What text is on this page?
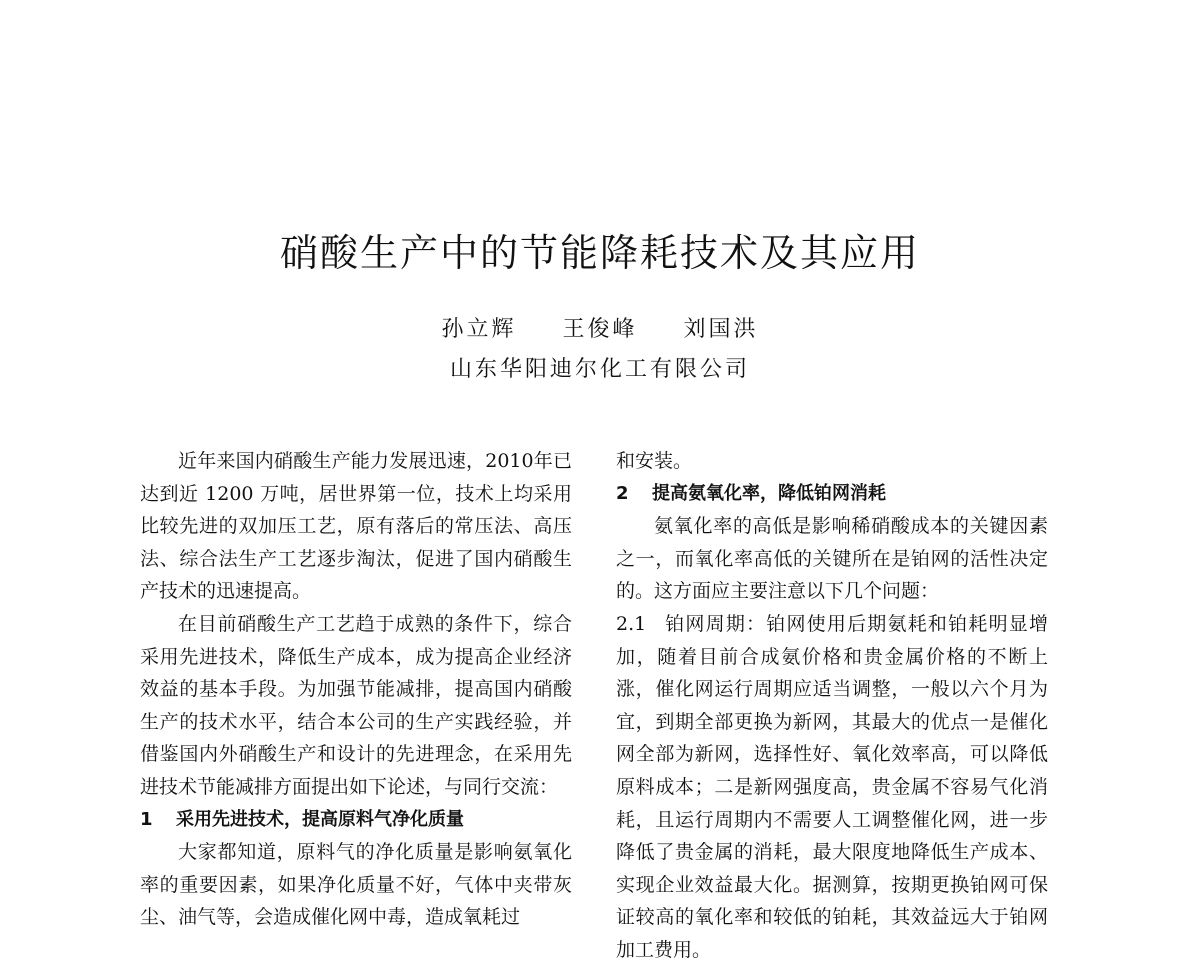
硝酸生产中的节能降耗技术及其应用
孙立辉 王俊峰 刘国洪
山东华阳迪尔化工有限公司

近年来国内硝酸生产能力发展迅速，2010年已达到近 1200 万吨，居世界第一位，技术上均采用比较先进的双加压工艺，原有落后的常压法、高压法、综合法生产工艺逐步淘汰，促进了国内硝酸生产技术的迅速提高。

在目前硝酸生产工艺趋于成熟的条件下，综合采用先进技术，降低生产成本，成为提高企业经济效益的基本手段。为加强节能减排，提高国内硝酸生产的技术水平，结合本公司的生产实践经验，并借鉴国内外硝酸生产和设计的先进理念，在采用先进技术节能减排方面提出如下论述，与同行交流：

1 采用先进技术，提高原料气净化质量

大家都知道，原料气的净化质量是影响氨氧化率的重要因素，如果净化质量不好，气体中夹带灰尘、油气等，会造成催化网中毒，造成氧耗过

和安装。

2 提高氨氧化率，降低铂网消耗

氨氧化率的高低是影响稀硝酸成本的关键因素之一，而氧化率高低的关键所在是铂网的活性决定的。这方面应主要注意以下几个问题：

2.1 铂网周期：铂网使用后期氨耗和铂耗明显增加，随着目前合成氨价格和贵金属价格的不断上涨，催化网运行周期应适当调整，一般以六个月为宜，到期全部更换为新网，其最大的优点一是催化网全部为新网，选择性好、氧化效率高，可以降低原料成本；二是新网强度高，贵金属不容易气化消耗，且运行周期内不需要人工调整催化网，进一步降低了贵金属的消耗，最大限度地降低生产成本、实现企业效益最大化。据测算，按期更换铂网可保证较高的氧化率和较低的铂耗，其效益远大于铂网加工费用。
